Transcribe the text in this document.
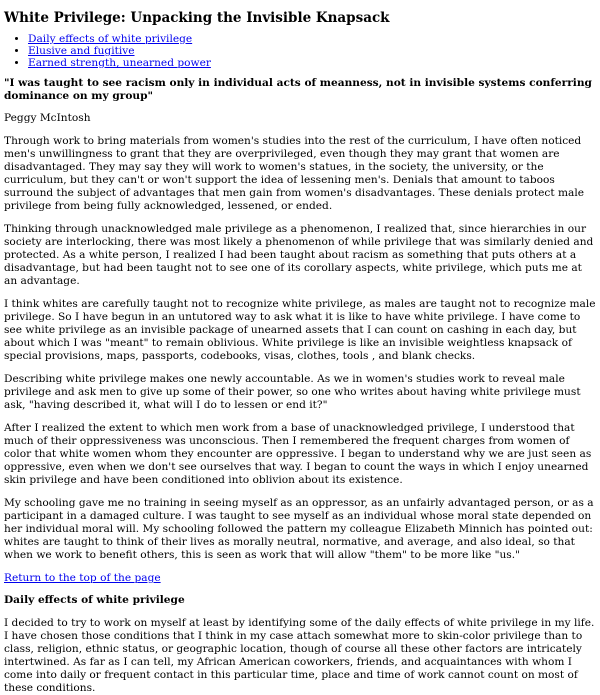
White Privilege: Unpacking the Invisible Knapsack
• Daily effects of white privilege
• Elusive and fugitive
• Earned strength, unearned power

"I was taught to see racism only in individual acts of meanness, not in invisible systems conferring dominance on my group"

Peggy McIntosh

Through work to bring materials from women's studies into the rest of the curriculum, I have often noticed men's unwillingness to grant that they are overprivileged, even though they may grant that women are disadvantaged. They may say they will work to women's statues, in the society, the university, or the curriculum, but they can't or won't support the idea of lessening men's. Denials that amount to taboos surround the subject of advantages that men gain from women's disadvantages. These denials protect male privilege from being fully acknowledged, lessened, or ended.

Thinking through unacknowledged male privilege as a phenomenon, I realized that, since hierarchies in our society are interlocking, there was most likely a phenomenon of while privilege that was similarly denied and protected. As a white person, I realized I had been taught about racism as something that puts others at a disadvantage, but had been taught not to see one of its corollary aspects, white privilege, which puts me at an advantage.

I think whites are carefully taught not to recognize white privilege, as males are taught not to recognize male privilege. So I have begun in an untutored way to ask what it is like to have white privilege. I have come to see white privilege as an invisible package of unearned assets that I can count on cashing in each day, but about which I was "meant" to remain oblivious. White privilege is like an invisible weightless knapsack of special provisions, maps, passports, codebooks, visas, clothes, tools , and blank checks.

Describing white privilege makes one newly accountable. As we in women's studies work to reveal male privilege and ask men to give up some of their power, so one who writes about having white privilege must ask, "having described it, what will I do to lessen or end it?"

After I realized the extent to which men work from a base of unacknowledged privilege, I understood that much of their oppressiveness was unconscious. Then I remembered the frequent charges from women of color that white women whom they encounter are oppressive. I began to understand why we are just seen as oppressive, even when we don't see ourselves that way. I began to count the ways in which I enjoy unearned skin privilege and have been conditioned into oblivion about its existence.

My schooling gave me no training in seeing myself as an oppressor, as an unfairly advantaged person, or as a participant in a damaged culture. I was taught to see myself as an individual whose moral state depended on her individual moral will. My schooling followed the pattern my colleague Elizabeth Minnich has pointed out: whites are taught to think of their lives as morally neutral, normative, and average, and also ideal, so that when we work to benefit others, this is seen as work that will allow "them" to be more like "us."

Return to the top of the page

Daily effects of white privilege

I decided to try to work on myself at least by identifying some of the daily effects of white privilege in my life. I have chosen those conditions that I think in my case attach somewhat more to skin-color privilege than to class, religion, ethnic status, or geographic location, though of course all these other factors are intricately intertwined. As far as I can tell, my African American coworkers, friends, and acquaintances with whom I come into daily or frequent contact in this particular time, place and time of work cannot count on most of these conditions.
